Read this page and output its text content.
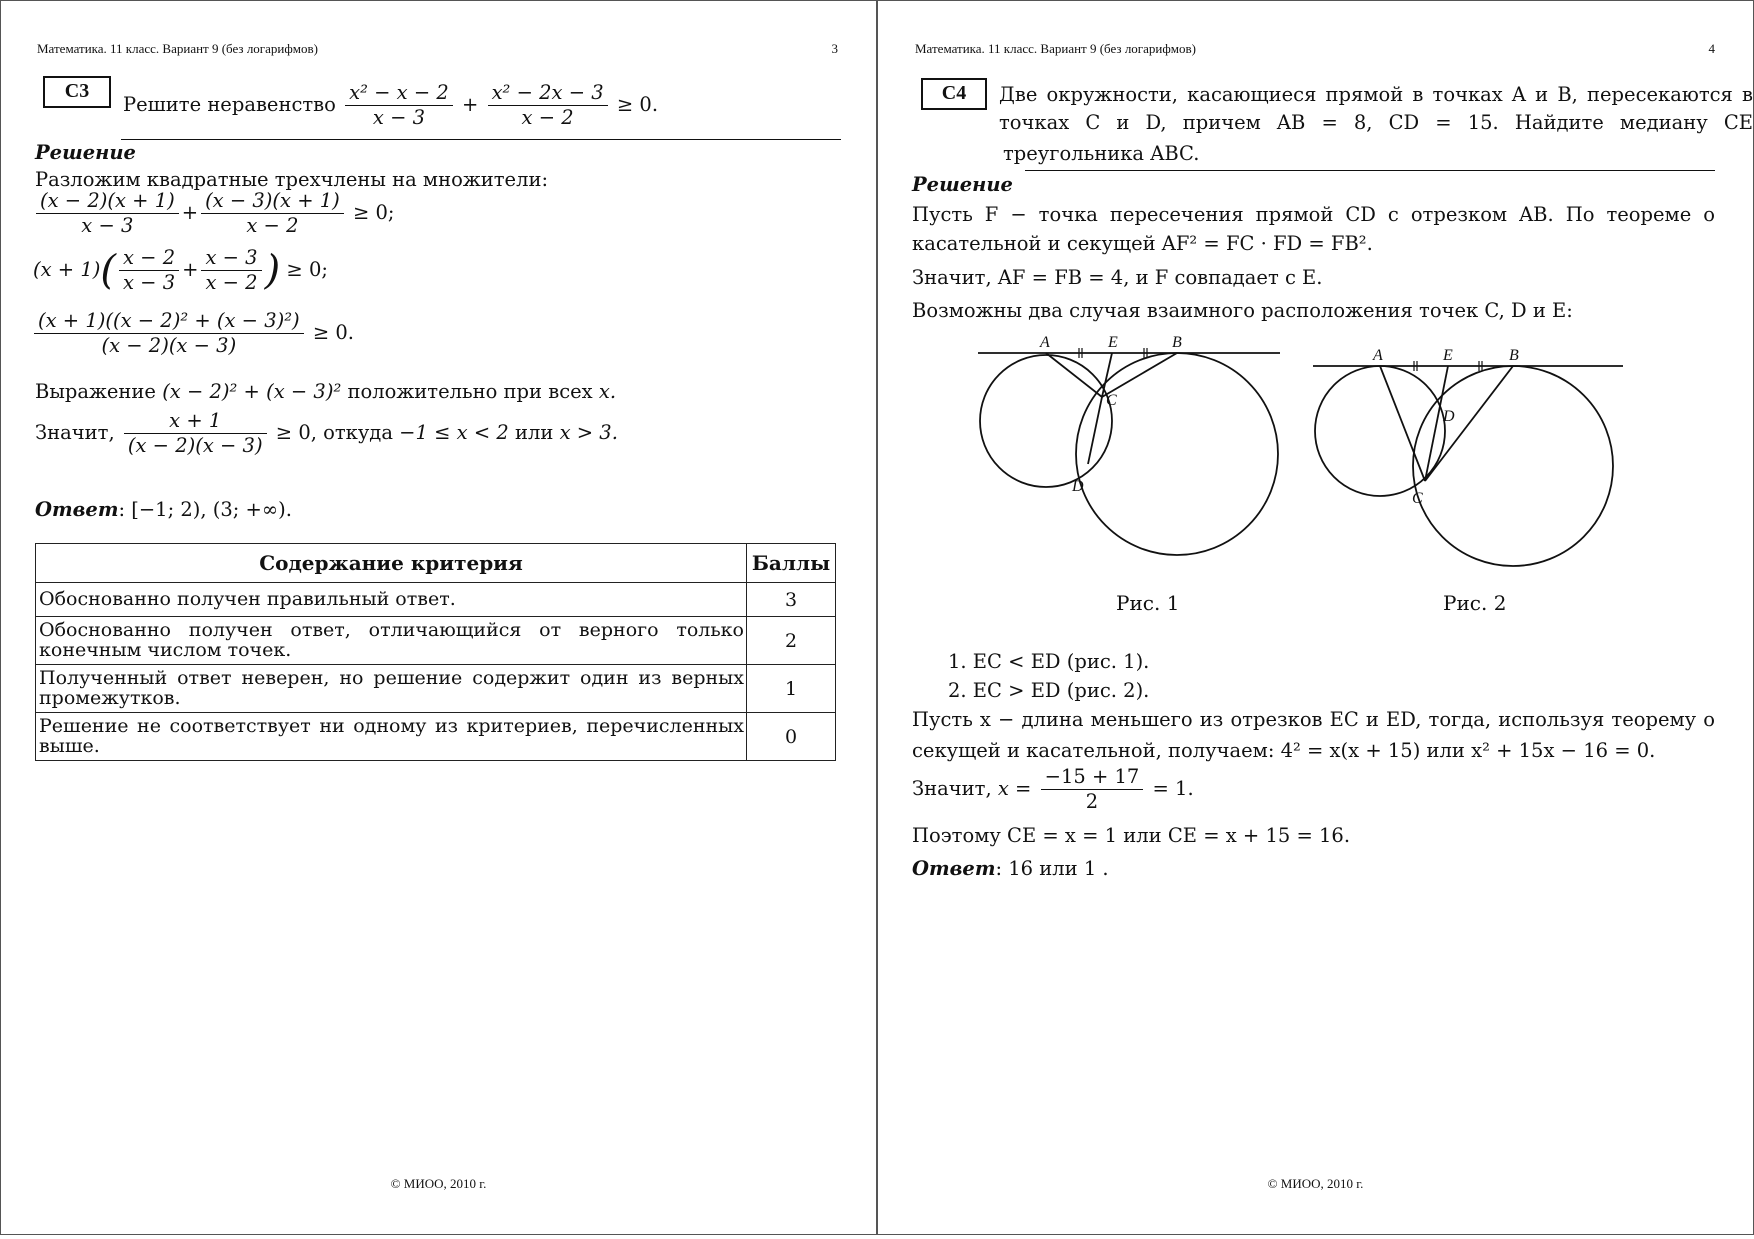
Математика. 11 класс. Вариант 9 (без логарифмов)	3
С3
Решите неравенство $\frac{\text{x² − x − 2}}{x - 3} + \frac{\text{x² − 2x − 3}}{x - 2} \ge 0$.
Решение
Разложим квадратные трехчлены на множители:
$\frac{(x - 2)(x + 1)}{x - 3} + \frac{(x - 3)(x + 1)}{x - 2} \ge 0$;
$(x + 1)( \frac{x - 2}{x - 3} + \frac{x - 3}{x - 2}$ ) ≥ 0;
$\frac{\text{(x + 1)((x − 2)² + (x − 3)²)}}{(x - 2)(x - 3)} \ge 0$.
Выражение (x − 2)² + (x − 3)² положительно при всех x.
Значит, $\frac{x + 1}{(x - 2)(x - 3)} \ge 0$, откуда −1 ≤ x < 2 или x > 3.
Ответ: [−1; 2), (3; +∞).
Содержание критерия	Баллы
Обоснованно получен правильный ответ.	3
Обоснованно получен ответ, отличающийся от верного только конечным числом точек.	2
Полученный ответ неверен, но решение содержит один из верных промежутков.	1
Решение не соответствует ни одному из критериев, перечисленных выше.	0
© МИОО, 2010 г.
Математика. 11 класс. Вариант 9 (без логарифмов)	4
С4	Две окружности, касающиеся прямой в точках A и B, пересекаются в
точках C и D, причем AB = 8, CD = 15. Найдите медиану CE
треугольника ABC.
Решение
Пусть F − точка пересечения прямой CD с отрезком AB. По теореме о
касательной и секущей AF² = FC · FD = FB².
Значит, AF = FB = 4, и F совпадает с E.
Возможны два случая взаимного расположения точек C, D и E:
A	E	B
C
D
Рис. 1
A	E	B
D
C
Рис. 2
1. EC < ED (рис. 1).
2. EC > ED (рис. 2).
Пусть x − длина меньшего из отрезков EC и ED, тогда, используя теорему о
секущей и касательной, получаем: 4² = x(x + 15) или x² + 15x − 16 = 0.
Значит, $x = \frac{-15 + 17}{2} = 1$.
Поэтому CE = x = 1 или CE = x + 15 = 16.
Ответ: 16 или 1 .
© МИОО, 2010 г.
